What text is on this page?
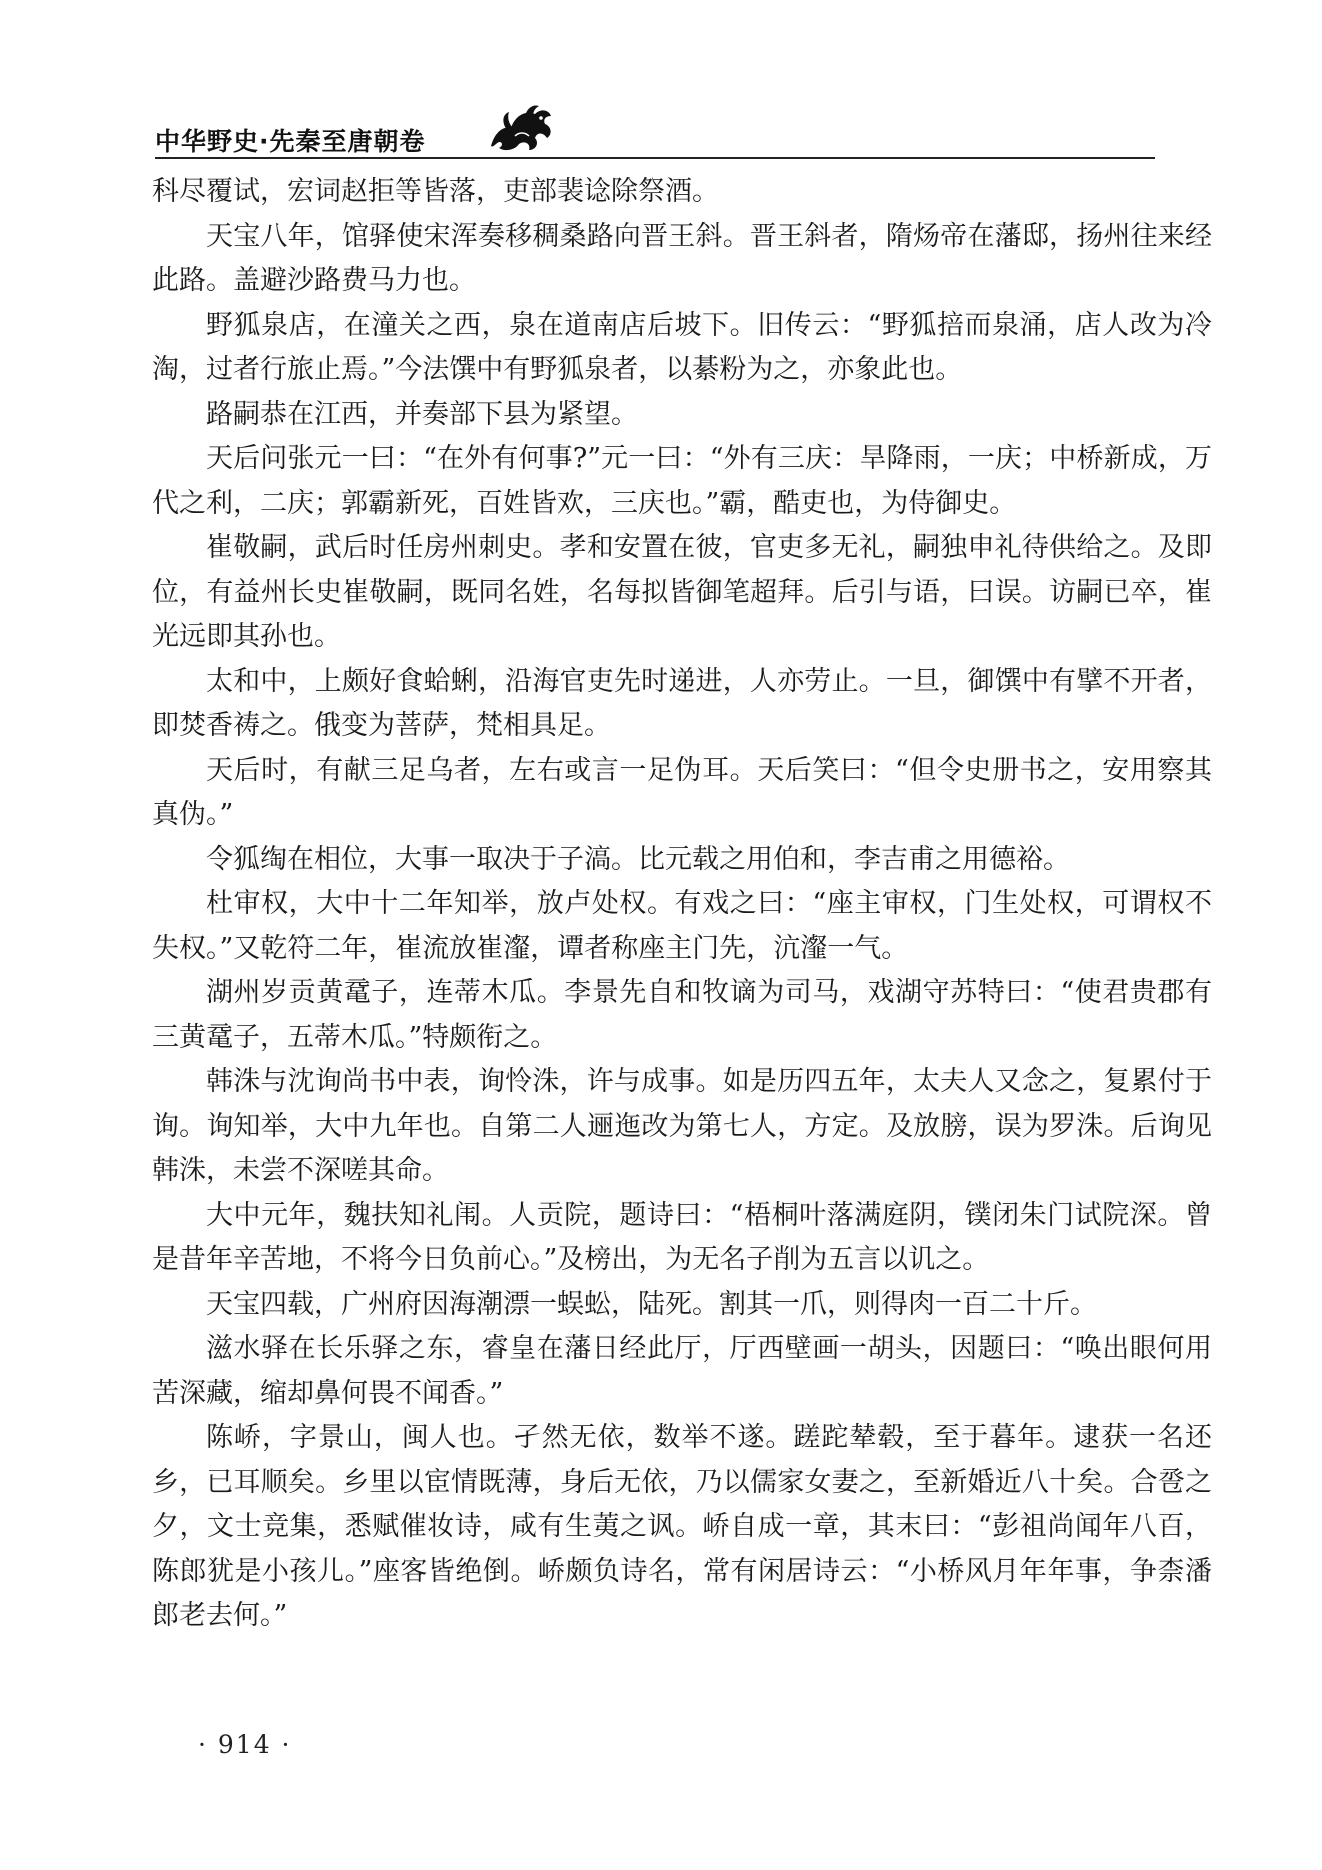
中华野史·先秦至唐朝卷

科尽覆试，宏词赵拒等皆落，吏部裴谂除祭酒。

天宝八年，馆驿使宋浑奏移稠桑路向晋王斜。晋王斜者，隋炀帝在藩邸，扬州往来经此路。盖避沙路费马力也。

野狐泉店，在潼关之西，泉在道南店后坡下。旧传云：“野狐掊而泉涌，店人改为冷淘，过者行旅止焉。”今法馔中有野狐泉者，以綦粉为之，亦象此也。

路嗣恭在江西，并奏部下县为紧望。

天后问张元一曰：“在外有何事?”元一曰：“外有三庆：旱降雨，一庆；中桥新成，万代之利，二庆；郭霸新死，百姓皆欢，三庆也。”霸，酷吏也，为侍御史。

崔敬嗣，武后时任房州刺史。孝和安置在彼，官吏多无礼，嗣独申礼待供给之。及即位，有益州长史崔敬嗣，既同名姓，名每拟皆御笔超拜。后引与语，曰误。访嗣已卒，崔光远即其孙也。

太和中，上颇好食蛤蜊，沿海官吏先时递进，人亦劳止。一旦，御馔中有擘不开者，即焚香祷之。俄变为菩萨，梵相具足。

天后时，有献三足乌者，左右或言一足伪耳。天后笑曰：“但令史册书之，安用察其真伪。”

令狐绹在相位，大事一取决于子滈。比元载之用伯和，李吉甫之用德裕。

杜审权，大中十二年知举，放卢处权。有戏之曰：“座主审权，门生处权，可谓权不失权。”又乾符二年，崔流放崔瀣，谭者称座主门先，沆瀣一气。

湖州岁贡黄鼋子，连蒂木瓜。李景先自和牧谪为司马，戏湖守苏特曰：“使君贵郡有三黄鼋子，五蒂木瓜。”特颇衔之。

韩洙与沈询尚书中表，询怜洙，许与成事。如是历四五年，太夫人又念之，复累付于询。询知举，大中九年也。自第二人逦迤改为第七人，方定。及放膀，误为罗洙。后询见韩洙，未尝不深嗟其命。

大中元年，魏扶知礼闱。人贡院，题诗曰：“梧桐叶落满庭阴，镤闭朱门试院深。曾是昔年辛苦地，不将今日负前心。”及榜出，为无名子削为五言以讥之。

天宝四载，广州府因海潮漂一蜈蚣，陆死。割其一爪，则得肉一百二十斤。

滋水驿在长乐驿之东，睿皇在藩日经此厅，厅西壁画一胡头，因题曰：“唤出眼何用苦深藏，缩却鼻何畏不闻香。”

陈峤，字景山，闽人也。孑然无依，数举不遂。蹉跎辇毂，至于暮年。逮获一名还乡，已耳顺矣。乡里以宦情既薄，身后无依，乃以儒家女妻之，至新婚近八十矣。合卺之夕，文士竞集，悉赋催妆诗，咸有生荑之讽。峤自成一章，其末曰：“彭祖尚闻年八百，陈郎犹是小孩儿。”座客皆绝倒。峤颇负诗名，常有闲居诗云：“小桥风月年年事，争柰潘郎老去何。”

· 914 ·
